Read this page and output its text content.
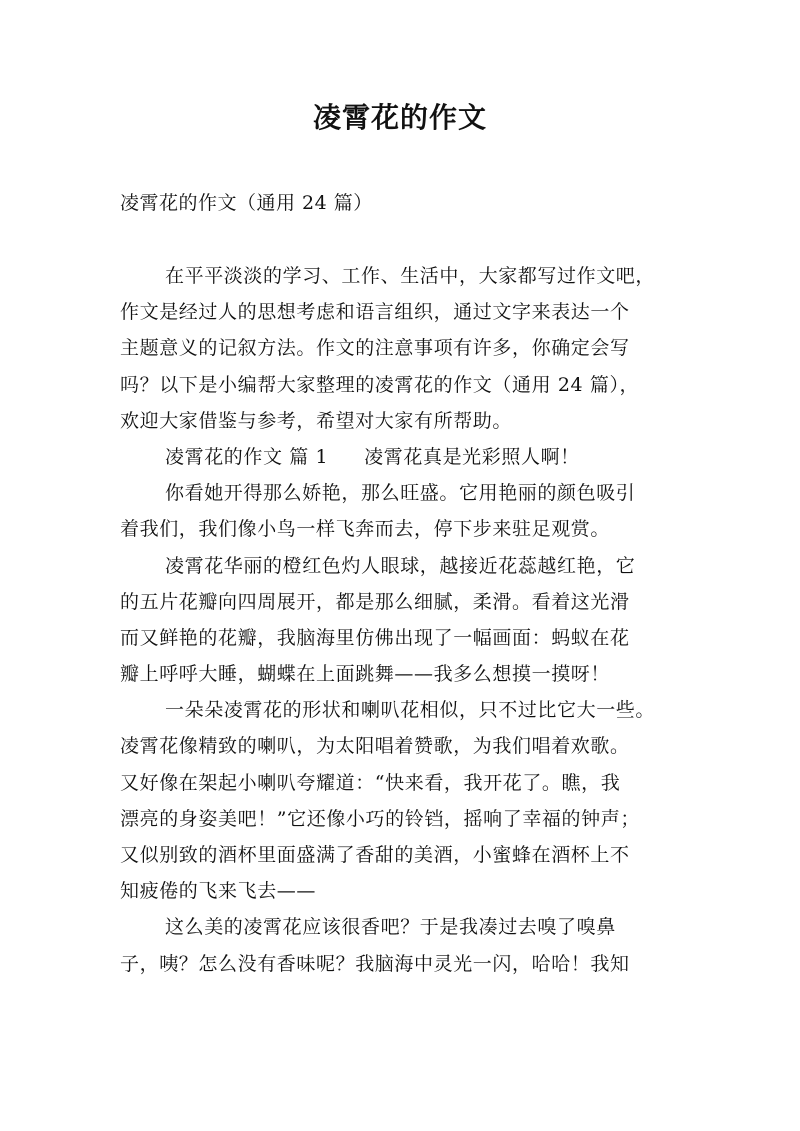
凌霄花的作文

凌霄花的作文（通用 24 篇）

在平平淡淡的学习、工作、生活中，大家都写过作文吧，
作文是经过人的思想考虑和语言组织，通过文字来表达一个
主题意义的记叙方法。作文的注意事项有许多，你确定会写
吗？以下是小编帮大家整理的凌霄花的作文（通用 24 篇），
欢迎大家借鉴与参考，希望对大家有所帮助。
凌霄花的作文 篇 1 凌霄花真是光彩照人啊！
你看她开得那么娇艳，那么旺盛。它用艳丽的颜色吸引
着我们，我们像小鸟一样飞奔而去，停下步来驻足观赏。
凌霄花华丽的橙红色灼人眼球，越接近花蕊越红艳，它
的五片花瓣向四周展开，都是那么细腻，柔滑。看着这光滑
而又鲜艳的花瓣，我脑海里仿佛出现了一幅画面：蚂蚁在花
瓣上呼呼大睡，蝴蝶在上面跳舞——我多么想摸一摸呀！
一朵朵凌霄花的形状和喇叭花相似，只不过比它大一些。
凌霄花像精致的喇叭，为太阳唱着赞歌，为我们唱着欢歌。
又好像在架起小喇叭夸耀道：“快来看，我开花了。瞧，我
漂亮的身姿美吧！”它还像小巧的铃铛，摇响了幸福的钟声；
又似别致的酒杯里面盛满了香甜的美酒，小蜜蜂在酒杯上不
知疲倦的飞来飞去——
这么美的凌霄花应该很香吧？于是我凑过去嗅了嗅鼻
子，咦？怎么没有香味呢？我脑海中灵光一闪，哈哈！我知
